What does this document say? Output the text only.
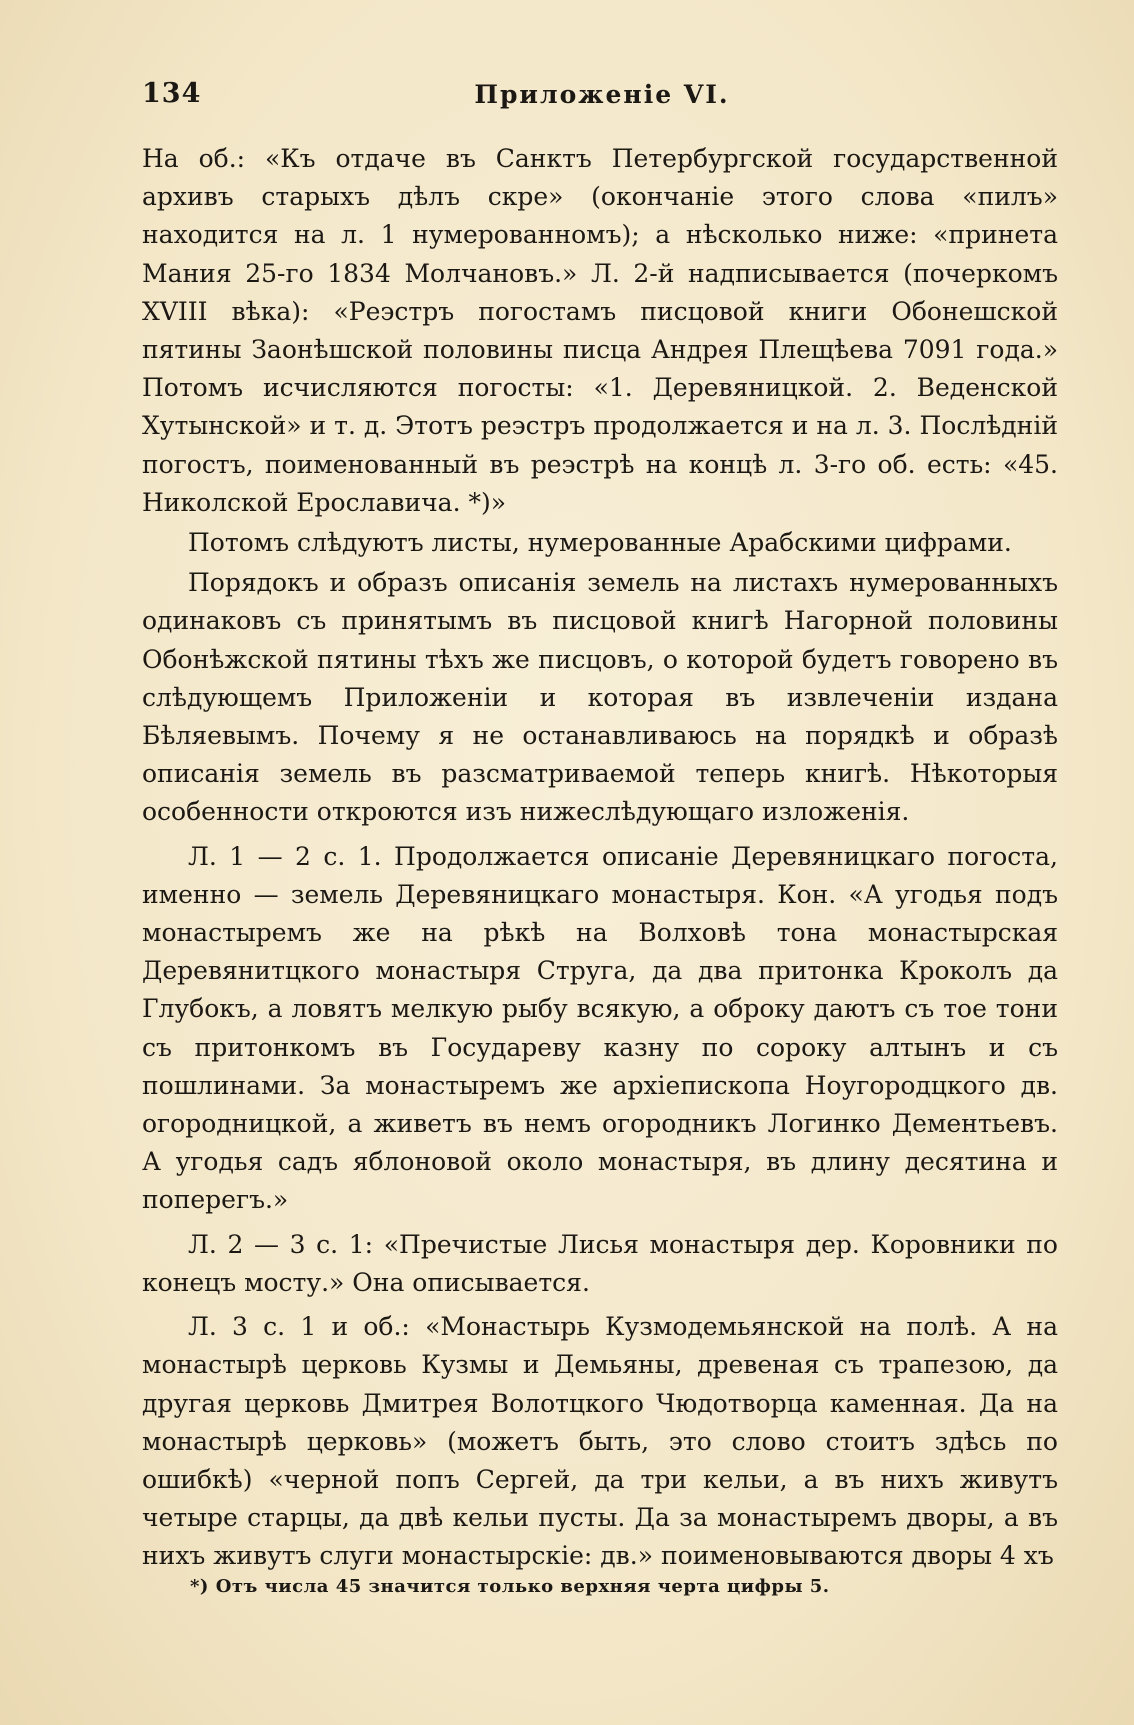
134	Приложеніе VI.

На об.: «Къ отдаче въ Санктъ Петербургской государственной архивъ старыхъ дѣлъ скре» (окончаніе этого слова «пилъ» находится на л. 1 нумерованномъ); а нѣсколько ниже: «принета Мания 25-го 1834 Молчановъ.» Л. 2-й надписывается (почеркомъ XVIII вѣка): «Реэстръ погостамъ писцовой книги Обонешской пятины Заонѣшской половины писца Андрея Плещѣева 7091 года.» Потомъ исчисляются погосты: «1. Деревяницкой. 2. Веденской Хутынской» и т. д. Этотъ реэстръ продолжается и на л. 3. Послѣдній погостъ, поименованный въ реэстрѣ на концѣ л. 3-го об. есть: «45. Николской Ерославича. *)»

Потомъ слѣдуютъ листы, нумерованные Арабскими цифрами.

Порядокъ и образъ описанія земель на листахъ нумерованныхъ одинаковъ съ принятымъ въ писцовой книгѣ Нагорной половины Обонѣжской пятины тѣхъ же писцовъ, о которой будетъ говорено въ слѣдующемъ Приложеніи и которая въ извлеченіи издана Бѣляевымъ. Почему я не останавливаюсь на порядкѣ и образѣ описанія земель въ разсматриваемой теперь книгѣ. Нѣкоторыя особенности откроются изъ нижеслѣдующаго изложенія.

Л. 1 — 2 с. 1. Продолжается описаніе Деревяницкаго погоста, именно — земель Деревяницкаго монастыря. Кон. «А угодья подъ монастыремъ же на рѣкѣ на Волховѣ тона монастырская Деревянитцкого монастыря Струга, да два притонка Кроколъ да Глубокъ, а ловятъ мелкую рыбу всякую, а оброку даютъ съ тое тони съ притонкомъ въ Государеву казну по сороку алтынъ и съ пошлинами. За монастыремъ же архіепископа Ноугородцкого дв. огородницкой, а живетъ въ немъ огородникъ Логинко Дементьевъ. А угодья садъ яблоновой около монастыря, въ длину десятина и поперегъ.»

Л. 2 — 3 с. 1: «Пречистые Лисья монастыря дер. Коровники по конецъ мосту.» Она описывается.

Л. 3 с. 1 и об.: «Монастырь Кузмодемьянской на полѣ. А на монастырѣ церковь Кузмы и Демьяны, древеная съ трапезою, да другая церковь Дмитрея Волотцкого Чюдотворца каменная. Да на монастырѣ церковь» (можетъ быть, это слово стоитъ здѣсь по ошибкѣ) «черной попъ Сергей, да три кельи, а въ нихъ живутъ четыре старцы, да двѣ кельи пусты. Да за монастыремъ дворы, а въ нихъ живутъ слуги монастырскіе: дв.» поименовываются дворы 4 хъ

*) Отъ числа 45 значится только верхняя черта цифры 5.
